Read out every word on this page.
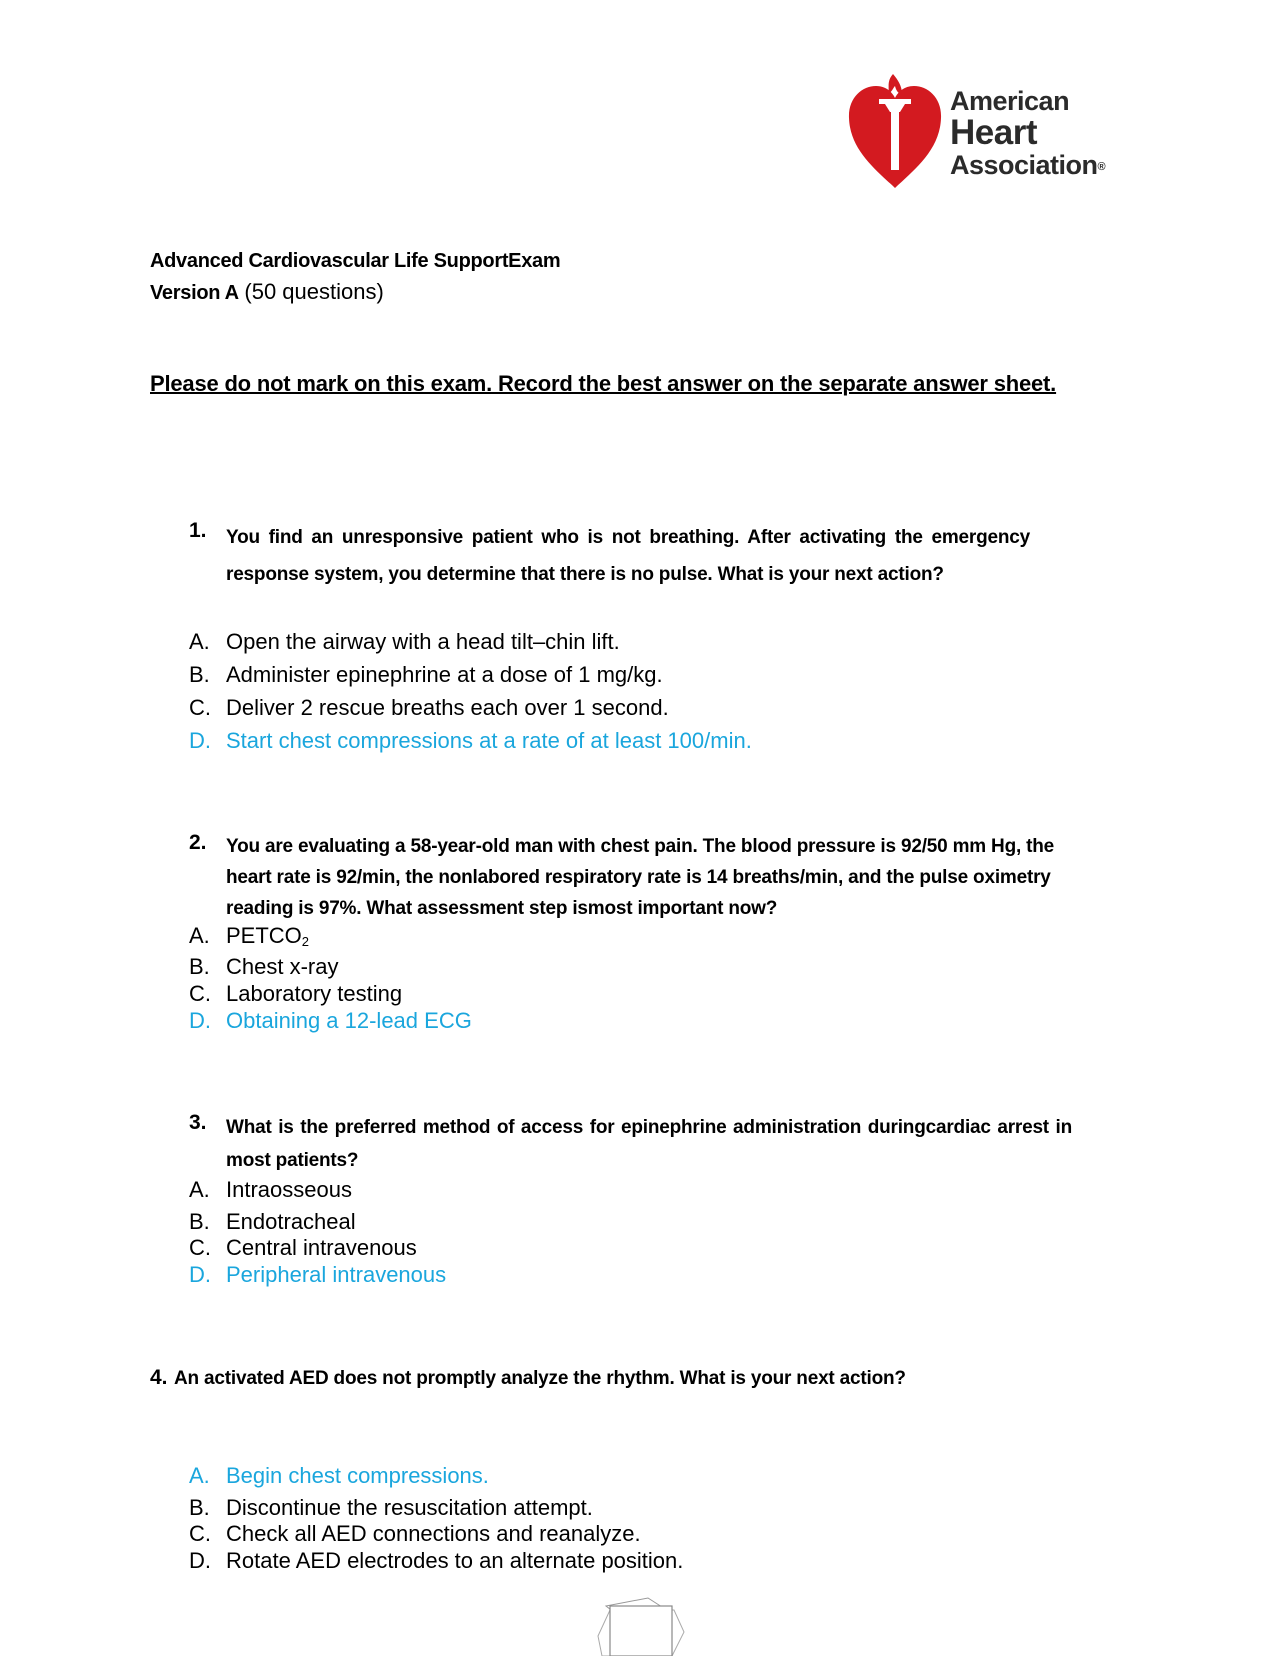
American
Heart
Association®
Advanced Cardiovascular Life SupportExam
Version A (50 questions)
Please do not mark on this exam. Record the best answer on the separate answer sheet.
1. You find an unresponsive patient who is not breathing. After activating the emergency response system, you determine that there is no pulse. What is your next action?
A. Open the airway with a head tilt–chin lift.
B. Administer epinephrine at a dose of 1 mg/kg.
C. Deliver 2 rescue breaths each over 1 second.
D. Start chest compressions at a rate of at least 100/min.
2. You are evaluating a 58-year-old man with chest pain. The blood pressure is 92/50 mm Hg, the heart rate is 92/min, the nonlabored respiratory rate is 14 breaths/min, and the pulse oximetry reading is 97%. What assessment step ismost important now?
A. $PETCO_2$
B. Chest x-ray
C. Laboratory testing
D. Obtaining a 12-lead ECG
3. What is the preferred method of access for epinephrine administration duringcardiac arrest in most patients?
A. Intraosseous
B. Endotracheal
C. Central intravenous
D. Peripheral intravenous
4. An activated AED does not promptly analyze the rhythm. What is your next action?
A. Begin chest compressions.
B. Discontinue the resuscitation attempt.
C. Check all AED connections and reanalyze.
D. Rotate AED electrodes to an alternate position.
